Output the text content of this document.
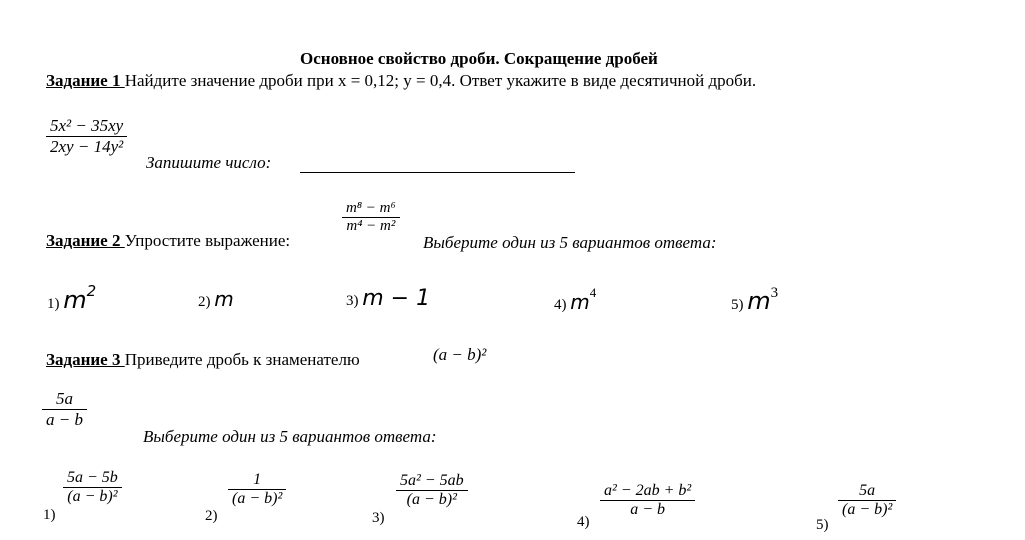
Основное свойство дроби. Сокращение дробей
Задание 1 Найдите значение дроби при x = 0,12; y = 0,4. Ответ укажите в виде десятичной дроби.
$\frac{\text{5x² − 35xy}}{\text{2xy − 14y²}}$
Запишите число:
Задание 2 Упростите выражение:
$\frac{\text{m⁸ − m⁶}}{\text{m⁴ − m²}}$
Выберите один из 5 вариантов ответа:
1) $m^2$
2) m	3) m − 1	4) $m^4$
5) $m^3$
Задание 3 Приведите дробь к знаменателю	(a − b)²
$\frac{5a}{a - b}$
Выберите один из 5 вариантов ответа:
1)
$\frac{5a - 5b}{\text{(a − b)²}}$
2)
$\frac{1}{\text{(a − b)²}}$
3)
$\frac{\text{5a² − 5ab}}{\text{(a − b)²}}$
4)
$\frac{\text{a² − 2ab + b²}}{a - b}$
5)
$\frac{5a}{\text{(a − b)²}}$
